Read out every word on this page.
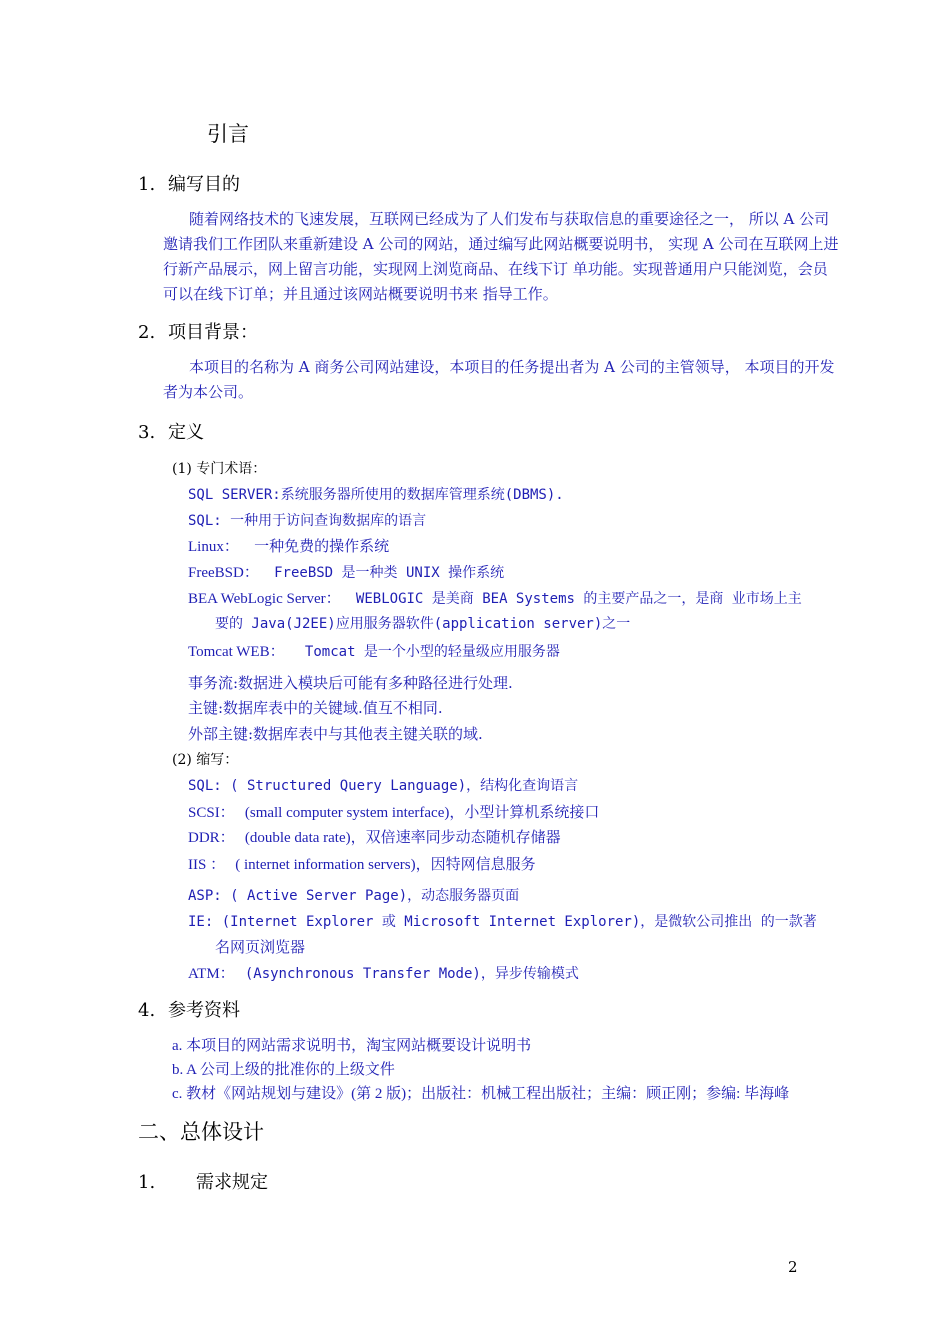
引言
1. 编写目的
随着网络技术的飞速发展，互联网已经成为了人们发布与获取信息的重要途径之一， 所以 A 公司邀请我们工作团队来重新建设 A 公司的网站，通过编写此网站概要说明书， 实现 A 公司在互联网上进行新产品展示，网上留言功能，实现网上浏览商品、在线下订 单功能。实现普通用户只能浏览，会员可以在线下订单；并且通过该网站概要说明书来 指导工作。
2. 项目背景：
本项目的名称为 A 商务公司网站建设，本项目的任务提出者为 A 公司的主管领导， 本项目的开发者为本公司。
3. 定义
(1) 专门术语：
SQL SERVER:系统服务器所使用的数据库管理系统(DBMS).
SQL: 一种用于访问查询数据库的语言
Linux： 一种免费的操作系统
FreeBSD： FreeBSD 是一种类 UNIX 操作系统
BEA WebLogic Server： WEBLOGIC 是美商 BEA Systems 的主要产品之一，是商 业市场上主
要的 Java(J2EE)应用服务器软件(application server)之一
Tomcat WEB： Tomcat 是一个小型的轻量级应用服务器
事务流:数据进入模块后可能有多种路径进行处理.
主键:数据库表中的关键域.值互不相同.
外部主键:数据库表中与其他表主键关联的域.
(2) 缩写：
SQL: ( Structured Query Language)，结构化查询语言
SCSI： (small computer system interface)，小型计算机系统接口
DDR： (double data rate)，双倍速率同步动态随机存储器
IIS ： ( internet information servers)，因特网信息服务
ASP: ( Active Server Page)，动态服务器页面
IE: (Internet Explorer 或 Microsoft Internet Explorer)，是微软公司推出 的一款著
名网页浏览器
ATM： (Asynchronous Transfer Mode)，异步传输模式
4. 参考资料
a. 本项目的网站需求说明书，淘宝网站概要设计说明书
b. A 公司上级的批准你的上级文件
c. 教材《网站规划与建设》(第 2 版)；出版社：机械工程出版社；主编：顾正刚；参编: 毕海峰
二、总体设计
1. 需求规定
2
